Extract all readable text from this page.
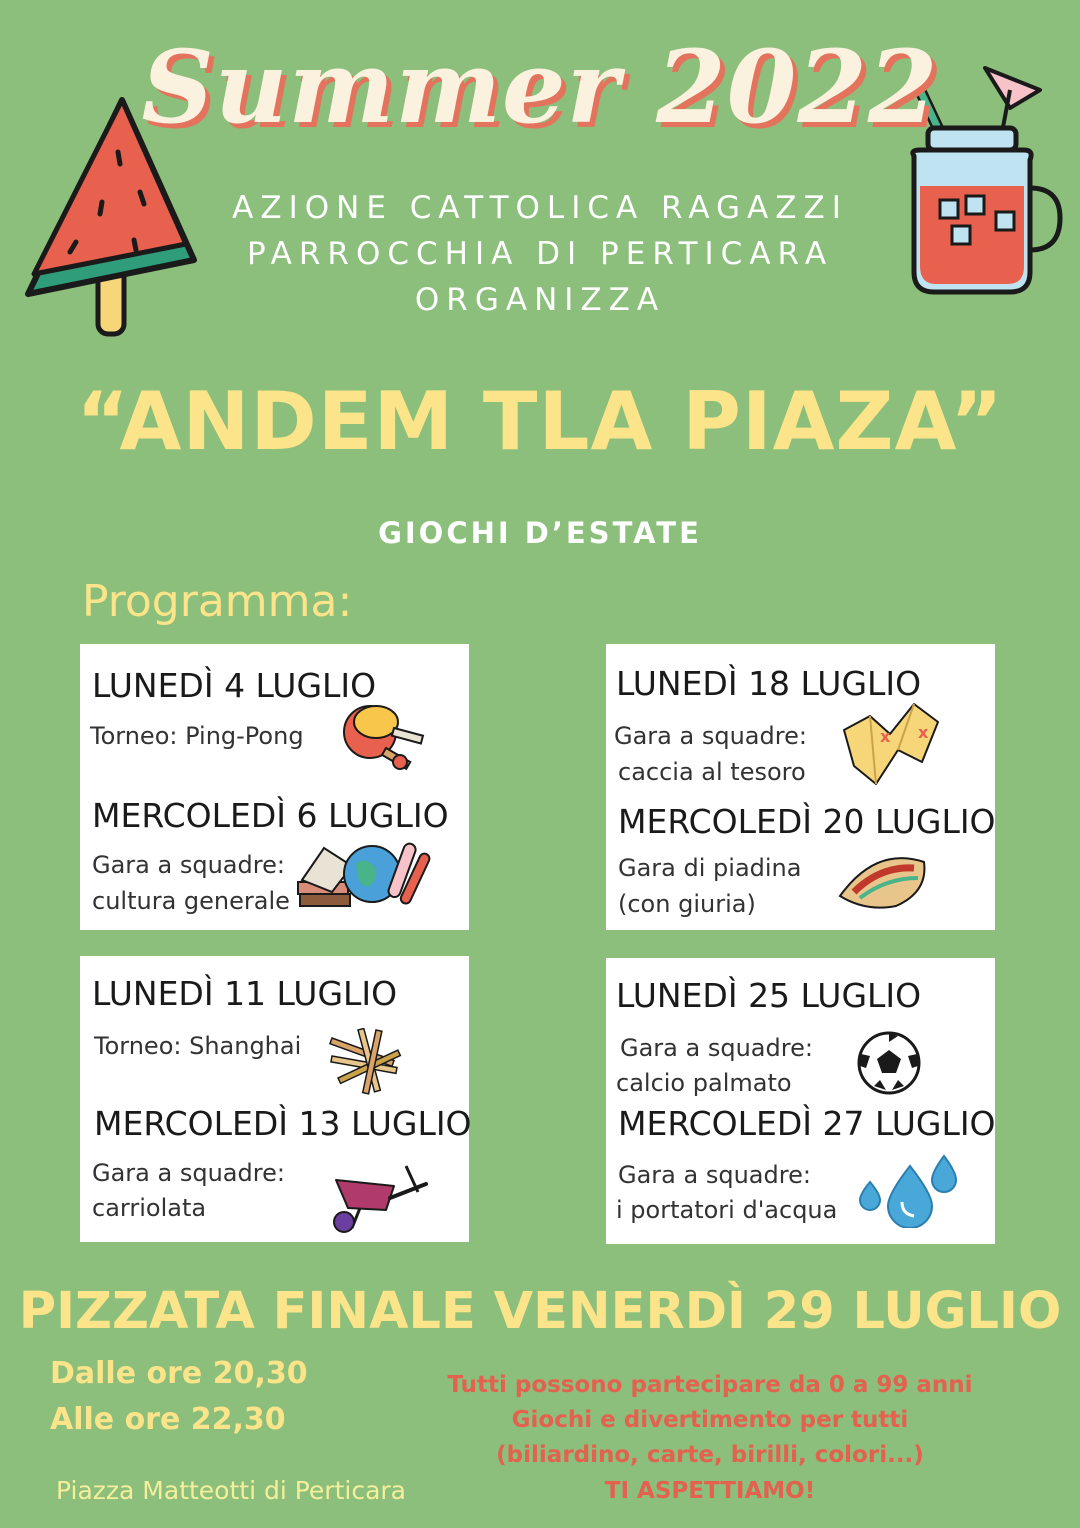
Summer 2022
AZIONE CATTOLICA RAGAZZI
PARROCCHIA DI PERTICARA
ORGANIZZA
“ANDEM TLA PIAZA”
GIOCHI D’ESTATE
Programma:
LUNEDÌ 4 LUGLIO
Torneo: Ping-Pong
MERCOLEDÌ 6 LUGLIO
Gara a squadre:
cultura generale
LUNEDÌ 18 LUGLIO
Gara a squadre:
caccia al tesoro
x x
MERCOLEDÌ 20 LUGLIO
Gara di piadina
(con giuria)
LUNEDÌ 11 LUGLIO
Torneo: Shanghai
MERCOLEDÌ 13 LUGLIO
Gara a squadre:
carriolata
LUNEDÌ 25 LUGLIO
Gara a squadre:
calcio palmato
MERCOLEDÌ 27 LUGLIO
Gara a squadre:
i portatori d'acqua
PIZZATA FINALE VENERDÌ 29 LUGLIO
Dalle ore 20,30
Alle ore 22,30
Tutti possono partecipare da 0 a 99 anni
Giochi e divertimento per tutti
(biliardino, carte, birilli, colori...)
TI ASPETTIAMO!
Piazza Matteotti di Perticara
